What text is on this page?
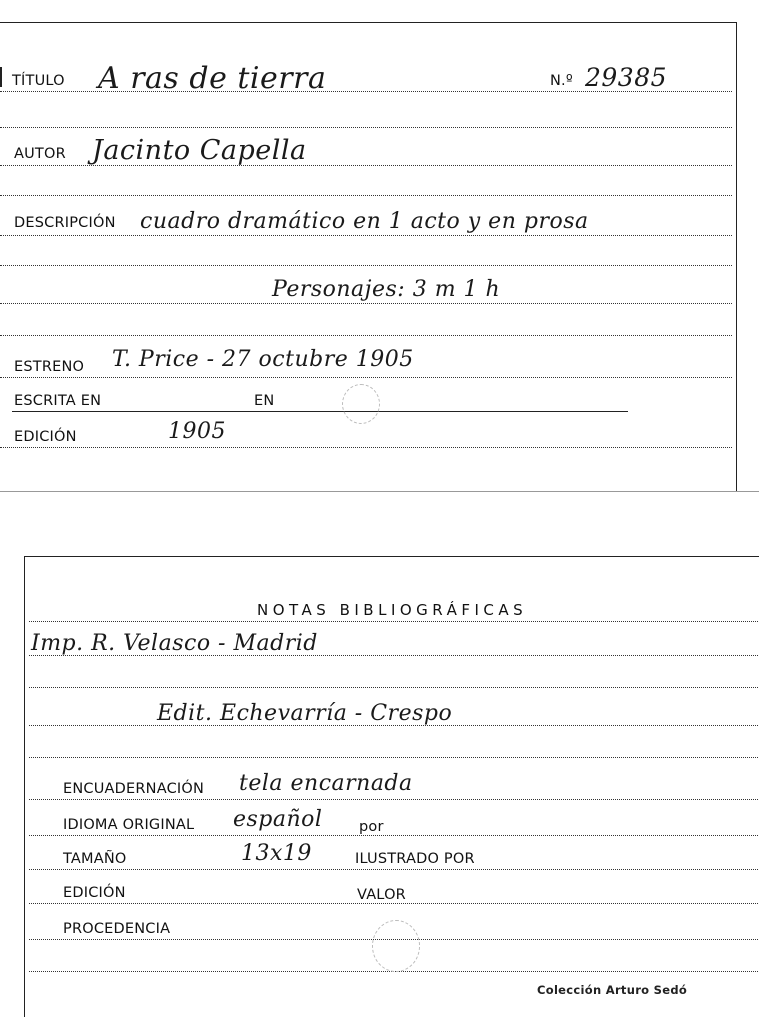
TÍTULO A ras de tierra	N.º 29385
AUTOR Jacinto Capella
DESCRIPCIÓN cuadro dramático en 1 acto y en prosa
Personajes: 3 m 1 h
ESTRENO T. Price - 27 octubre 1905
ESCRITA EN	EN
EDICIÓN	1905
NOTAS BIBLIOGRÁFICAS
Imp. R. Velasco - Madrid
Edit. Echevarría - Crespo
ENCUADERNACIÓN tela encarnada
IDIOMA ORIGINAL español	por
TAMAÑO	13x19	ILUSTRADO POR
EDICIÓN	VALOR
PROCEDENCIA
Colección Arturo Sedó
